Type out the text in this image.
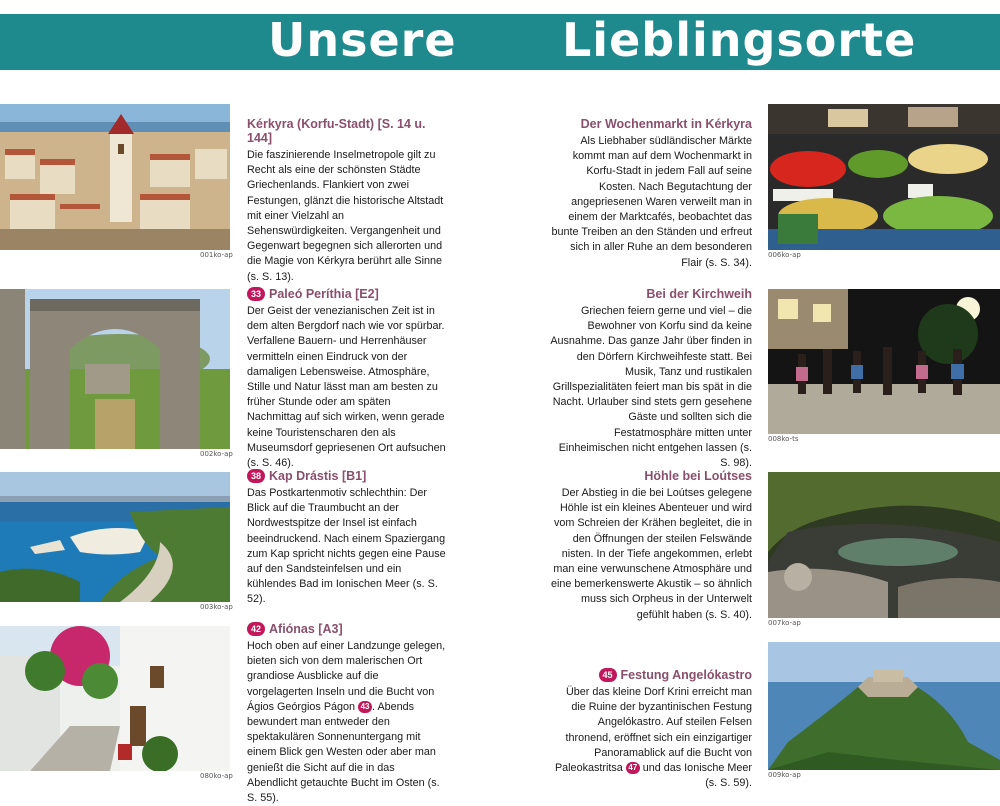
Unsere Lieblingsorte
001ko-ap
002ko-ap
003ko-ap
080ko-ap
Kérkyra (Korfu-Stadt) [S. 14 u. 144]

Die faszinierende Inselmetropole gilt zu Recht als eine der schönsten Städte Griechenlands. Flankiert von zwei Festungen, glänzt die historische Altstadt mit einer Vielzahl an Sehenswürdigkeiten. Vergangenheit und Gegenwart begegnen sich allerorten und die Magie von Kérkyra berührt alle Sinne (s. S. 13).

33 Paleó Períthia [E2]

Der Geist der venezianischen Zeit ist in dem alten Bergdorf nach wie vor spürbar. Verfallene Bauern- und Herrenhäuser vermitteln einen Eindruck von der damaligen Lebensweise. Atmosphäre, Stille und Natur lässt man am besten zu früher Stunde oder am späten Nachmittag auf sich wirken, wenn gerade keine Touristenscharen den als Museumsdorf gepriesenen Ort aufsuchen (s. S. 46).

38 Kap Drástis [B1]

Das Postkartenmotiv schlechthin: Der Blick auf die Traumbucht an der Nordwestspitze der Insel ist einfach beeindruckend. Nach einem Spaziergang zum Kap spricht nichts gegen eine Pause auf den Sandsteinfelsen und ein kühlendes Bad im Ionischen Meer (s. S. 52).

42 Afiónas [A3]

Hoch oben auf einer Landzunge gelegen, bieten sich von dem malerischen Ort grandiose Ausblicke auf die vorgelagerten Inseln und die Bucht von Ágios Geórgios Págon 43 . Abends bewundert man entweder den spektakulären Sonnenuntergang mit einem Blick gen Westen oder aber man genießt die Sicht auf die in das Abendlicht getauchte Bucht im Osten (s. S. 55).

Der Wochenmarkt in Kérkyra

Als Liebhaber südländischer Märkte kommt man auf dem Wochenmarkt in Korfu-Stadt in jedem Fall auf seine Kosten. Nach Begutachtung der angepriesenen Waren verweilt man in einem der Marktcafés, beobachtet das bunte Treiben an den Ständen und erfreut sich in aller Ruhe an dem besonderen Flair (s. S. 34).

Bei der Kirchweih

Griechen feiern gerne und viel – die Bewohner von Korfu sind da keine Ausnahme. Das ganze Jahr über finden in den Dörfern Kirchweihfeste statt. Bei Musik, Tanz und rustikalen Grillspezialitäten feiert man bis spät in die Nacht. Urlauber sind stets gern gesehene Gäste und sollten sich die Festatmosphäre mitten unter Einheimischen nicht entgehen lassen (s. S. 98).

Höhle bei Loútses

Der Abstieg in die bei Loútses gelegene Höhle ist ein kleines Abenteuer und wird vom Schreien der Krähen begleitet, die in den Öffnungen der steilen Felswände nisten. In der Tiefe angekommen, erlebt man eine verwunschene Atmosphäre und eine bemerkenswerte Akustik – so ähnlich muss sich Orpheus in der Unterwelt gefühlt haben (s. S. 40).

45 Festung Angelókastro

Über das kleine Dorf Krini erreicht man die Ruine der byzantinischen Festung Angelókastro. Auf steilen Felsen thronend, eröffnet sich ein einzigartiger Panoramablick auf die Bucht von Paleokastritsa 47 und das Ionische Meer (s. S. 59).

006ko-ap
008ko-ts
007ko-ap
009ko-ap
